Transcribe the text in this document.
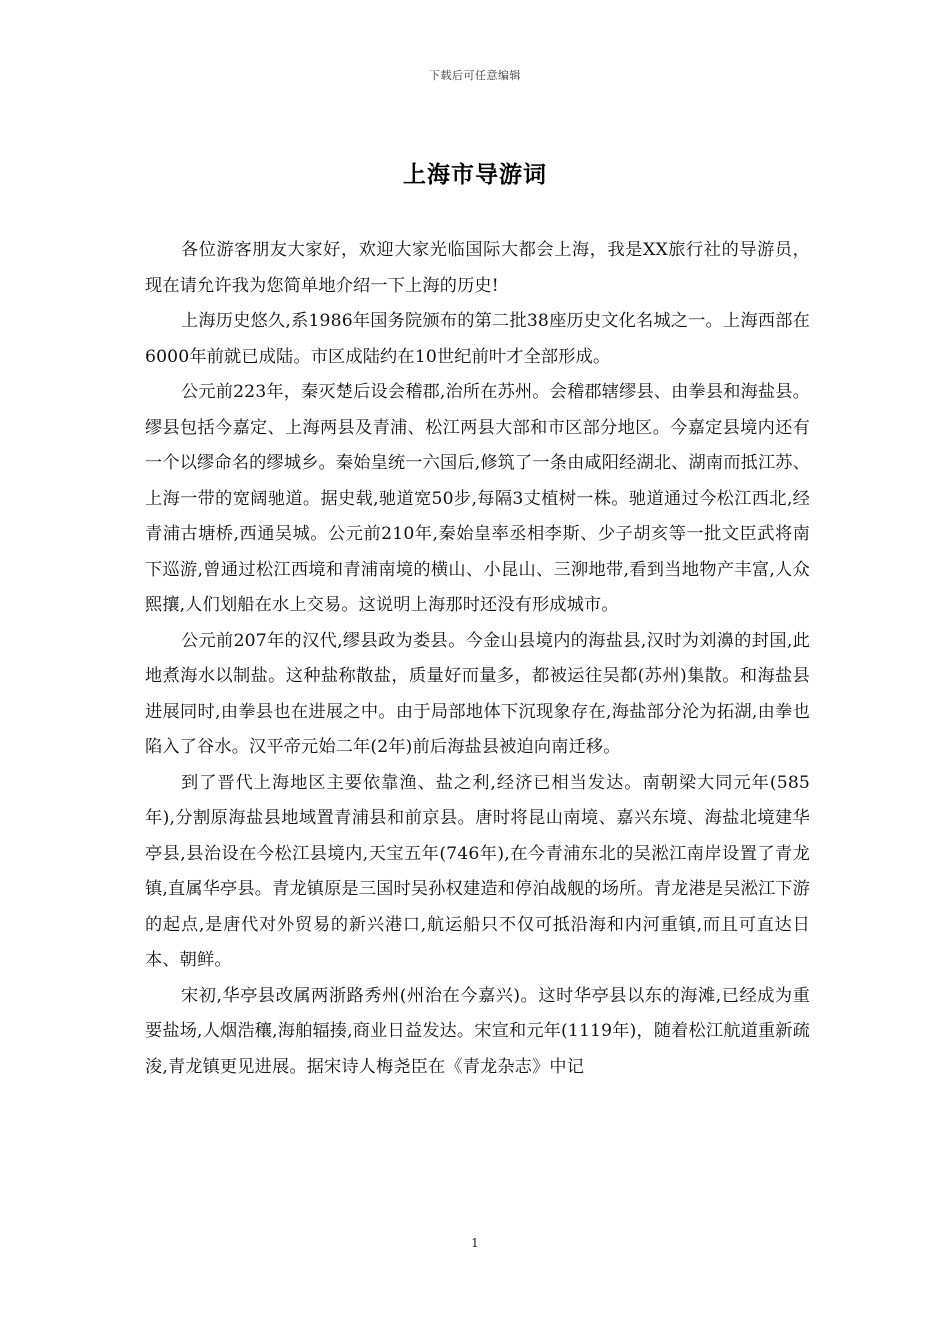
下载后可任意编辑
上海市导游词

各位游客朋友大家好，欢迎大家光临国际大都会上海，我是XX旅行社的导游员，现在请允许我为您简单地介绍一下上海的历史!

上海历史悠久,系1986年国务院颁布的第二批38座历史文化名城之一。上海西部在6000年前就已成陆。市区成陆约在10世纪前叶才全部形成。

公元前223年，秦灭楚后设会稽郡,治所在苏州。会稽郡辖缪县、由拳县和海盐县。缪县包括今嘉定、上海两县及青浦、松江两县大部和市区部分地区。今嘉定县境内还有一个以缪命名的缪城乡。秦始皇统一六国后,修筑了一条由咸阳经湖北、湖南而抵江苏、上海一带的宽阔驰道。据史载,驰道宽50步,每隔3丈植树一株。驰道通过今松江西北,经青浦古塘桥,西通吴城。公元前210年,秦始皇率丞相李斯、少子胡亥等一批文臣武将南下巡游,曾通过松江西境和青浦南境的横山、小昆山、三泖地带,看到当地物产丰富,人众熙攘,人们划船在水上交易。这说明上海那时还没有形成城市。

公元前207年的汉代,缪县政为娄县。今金山县境内的海盐县,汉时为刘濞的封国,此地煮海水以制盐。这种盐称散盐，质量好而量多，都被运往吴都(苏州)集散。和海盐县进展同时,由拳县也在进展之中。由于局部地体下沉现象存在,海盐部分沦为拓湖,由拳也陷入了谷水。汉平帝元始二年(2年)前后海盐县被迫向南迁移。

到了晋代上海地区主要依靠渔、盐之利,经济已相当发达。南朝梁大同元年(585年),分割原海盐县地域置青浦县和前京县。唐时将昆山南境、嘉兴东境、海盐北境建华亭县,县治设在今松江县境内,天宝五年(746年),在今青浦东北的吴淞江南岸设置了青龙镇,直属华亭县。青龙镇原是三国时吴孙权建造和停泊战舰的场所。青龙港是吴淞江下游的起点,是唐代对外贸易的新兴港口,航运船只不仅可抵沿海和内河重镇,而且可直达日本、朝鲜。

宋初,华亭县改属两浙路秀州(州治在今嘉兴)。这时华亭县以东的海滩,已经成为重要盐场,人烟浩穰,海舶辐揍,商业日益发达。宋宣和元年(1119年)，随着松江航道重新疏浚,青龙镇更见进展。据宋诗人梅尧臣在《青龙杂志》中记

1
